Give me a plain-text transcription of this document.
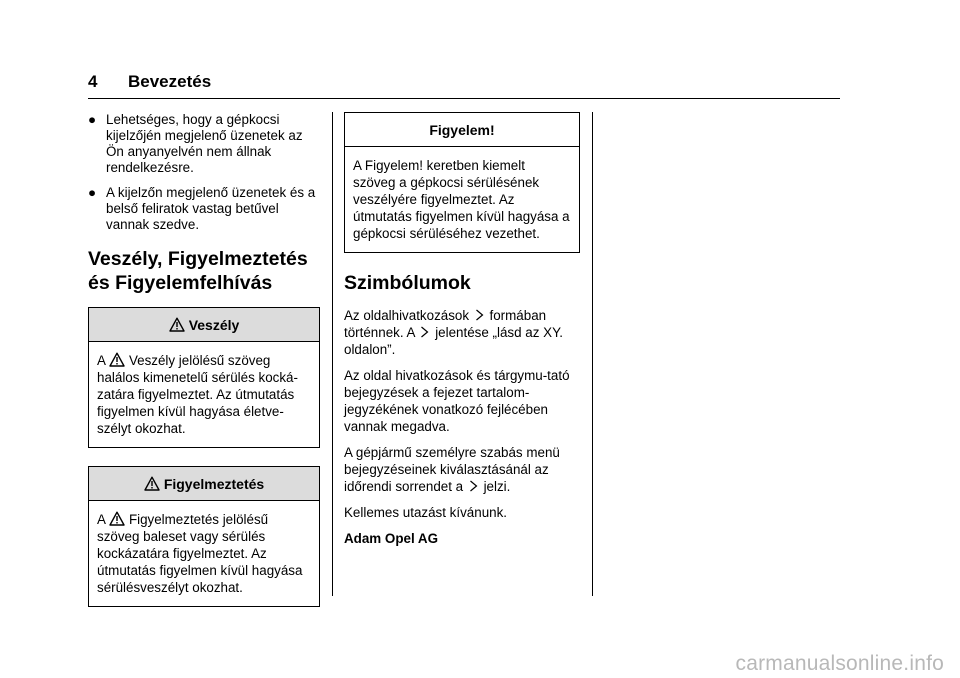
4 Bevezetés
● Lehetséges, hogy a gépkocsi kijelzőjén megjelenő üzenetek az Ön anyanyelvén nem állnak rendelkezésre.
● A kijelzőn megjelenő üzenetek és a belső feliratok vastag betűvel vannak szedve.
Veszély, Figyelmeztetés és Figyelemfelhívás
Veszély
A Veszély jelölésű szöveg halálos kimenetelű sérülés kocká-zatára figyelmeztet. Az útmutatás figyelmen kívül hagyása életve-szélyt okozhat.
Figyelmeztetés
A Figyelmeztetés jelölésű szöveg baleset vagy sérülés kockázatára figyelmeztet. Az útmutatás figyelmen kívül hagyása sérülésveszélyt okozhat.
Figyelem!
A Figyelem! keretben kiemelt szöveg a gépkocsi sérülésének veszélyére figyelmeztet. Az útmutatás figyelmen kívül hagyása a gépkocsi sérüléséhez vezethet.
Szimbólumok
Az oldalhivatkozások formában történnek. A jelentése „lásd az XY. oldalon”.
Az oldal hivatkozások és tárgymu-tató bejegyzések a fejezet tartalom-jegyzékének vonatkozó fejlécében vannak megadva.
A gépjármű személyre szabás menü bejegyzéseinek kiválasztásánál az időrendi sorrendet a jelzi.
Kellemes utazást kívánunk.
Adam Opel AG
carmanualsonline.info
